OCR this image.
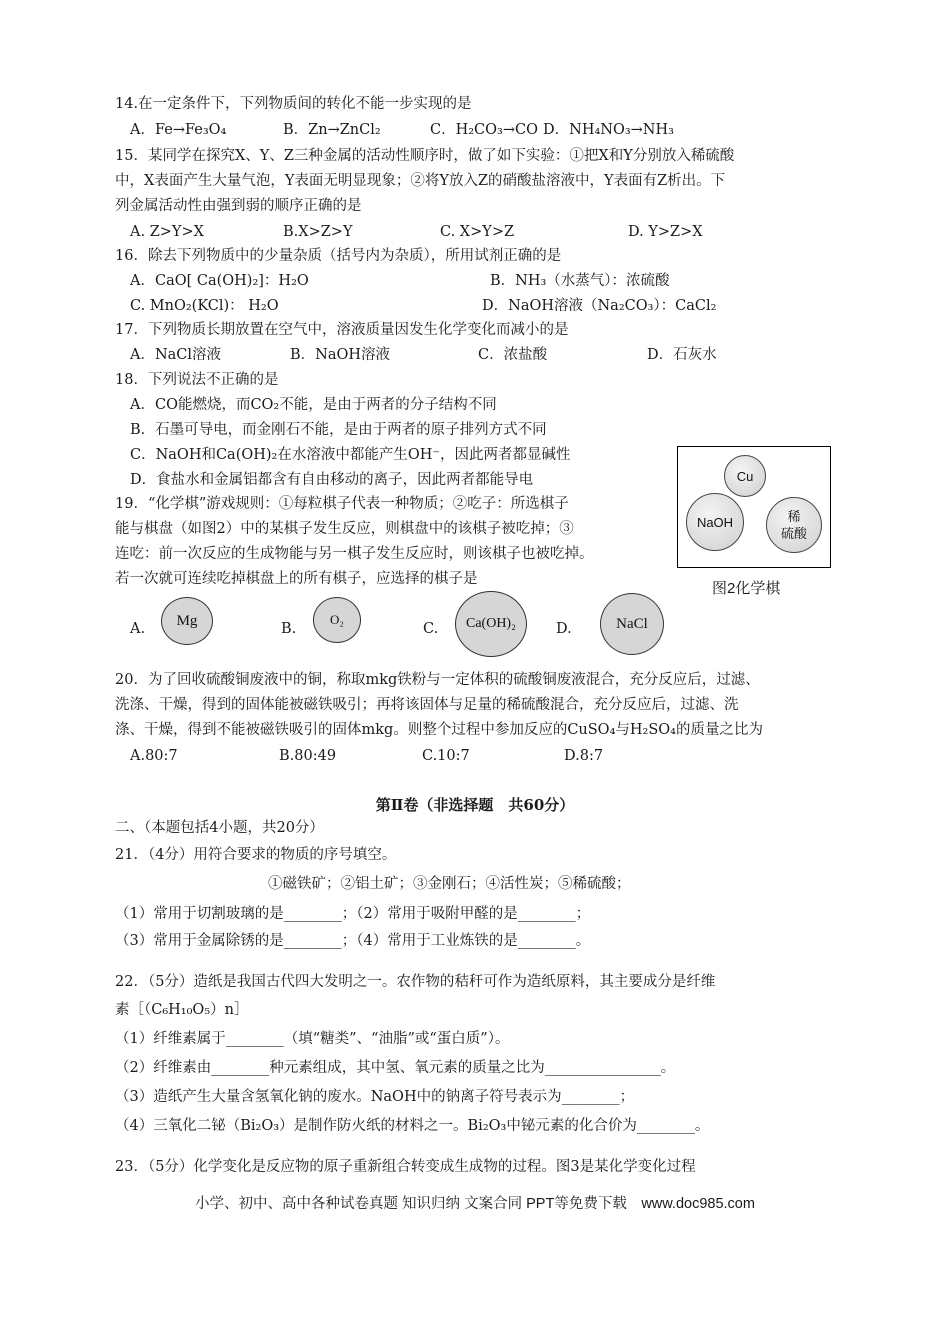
14.在一定条件下，下列物质间的转化不能一步实现的是
A．Fe→Fe₃O₄	B．Zn→ZnCl₂	C．H₂CO₃→CO D．NH₄NO₃→NH₃
15．某同学在探究X、Y、Z三种金属的活动性顺序时，做了如下实验：①把X和Y分别放入稀硫酸
中，X表面产生大量气泡，Y表面无明显现象；②将Y放入Z的硝酸盐溶液中，Y表面有Z析出。下
列金属活动性由强到弱的顺序正确的是
A. Z>Y>X	B.X>Z>Y	C. X>Y>Z	D. Y>Z>X
16．除去下列物质中的少量杂质（括号内为杂质），所用试剂正确的是
A．CaO[ Ca(OH)₂]：H₂O	B．NH₃（水蒸气）：浓硫酸
C. MnO₂(KCl)： H₂O	D．NaOH溶液（Na₂CO₃）：CaCl₂
17．下列物质长期放置在空气中，溶液质量因发生化学变化而减小的是
A．NaCl溶液	B．NaOH溶液	C．浓盐酸	D．石灰水
18．下列说法不正确的是
A．CO能燃烧，而CO₂不能，是由于两者的分子结构不同
B．石墨可导电，而金刚石不能，是由于两者的原子排列方式不同
C．NaOH和Ca(OH)₂在水溶液中都能产生OH⁻，因此两者都显碱性
D．食盐水和金属铝都含有自由移动的离子，因此两者都能导电	Cu
NaOH	稀
硫酸
图2化学棋
19．“化学棋”游戏规则：①每粒棋子代表一种物质；②吃子：所选棋子
能与棋盘（如图2）中的某棋子发生反应，则棋盘中的该棋子被吃掉；③
连吃：前一次反应的生成物能与另一棋子发生反应时，则该棋子也被吃掉。
若一次就可连续吃掉棋盘上的所有棋子，应选择的棋子是
A.
Mg
B.
O₂
C. Ca(OH)₂	D.	NaCl
20．为了回收硫酸铜废液中的铜，称取mkg铁粉与一定体积的硫酸铜废液混合，充分反应后，过滤、
洗涤、干燥，得到的固体能被磁铁吸引；再将该固体与足量的稀硫酸混合，充分反应后，过滤、洗
涤、干燥，得到不能被磁铁吸引的固体mkg。则整个过程中参加反应的CuSO₄与H₂SO₄的质量之比为
A.80:7	B.80:49	C.10:7	D.8:7
第Ⅱ卷（非选择题　共60分）
二、（本题包括4小题，共20分）
21．（4分）用符合要求的物质的序号填空。
①磁铁矿；②铝土矿；③金刚石；④活性炭；⑤稀硫酸；
（1）常用于切割玻璃的是________；（2）常用于吸附甲醛的是________；
（3）常用于金属除锈的是________；（4）常用于工业炼铁的是________。
22．（5分）造纸是我国古代四大发明之一。农作物的秸秆可作为造纸原料，其主要成分是纤维
素［（C₆H₁₀O₅）n］
（1）纤维素属于________（填“糖类”、“油脂”或“蛋白质”）。
（2）纤维素由________种元素组成，其中氢、氧元素的质量之比为________________。
（3）造纸产生大量含氢氧化钠的废水。NaOH中的钠离子符号表示为________；
（4）三氧化二铋（Bi₂O₃）是制作防火纸的材料之一。Bi₂O₃中铋元素的化合价为________。
23．（5分）化学变化是反应物的原子重新组合转变成生成物的过程。图3是某化学变化过程
小学、初中、高中各种试卷真题 知识归纳 文案合同 PPT等免费下载　www.doc985.com
